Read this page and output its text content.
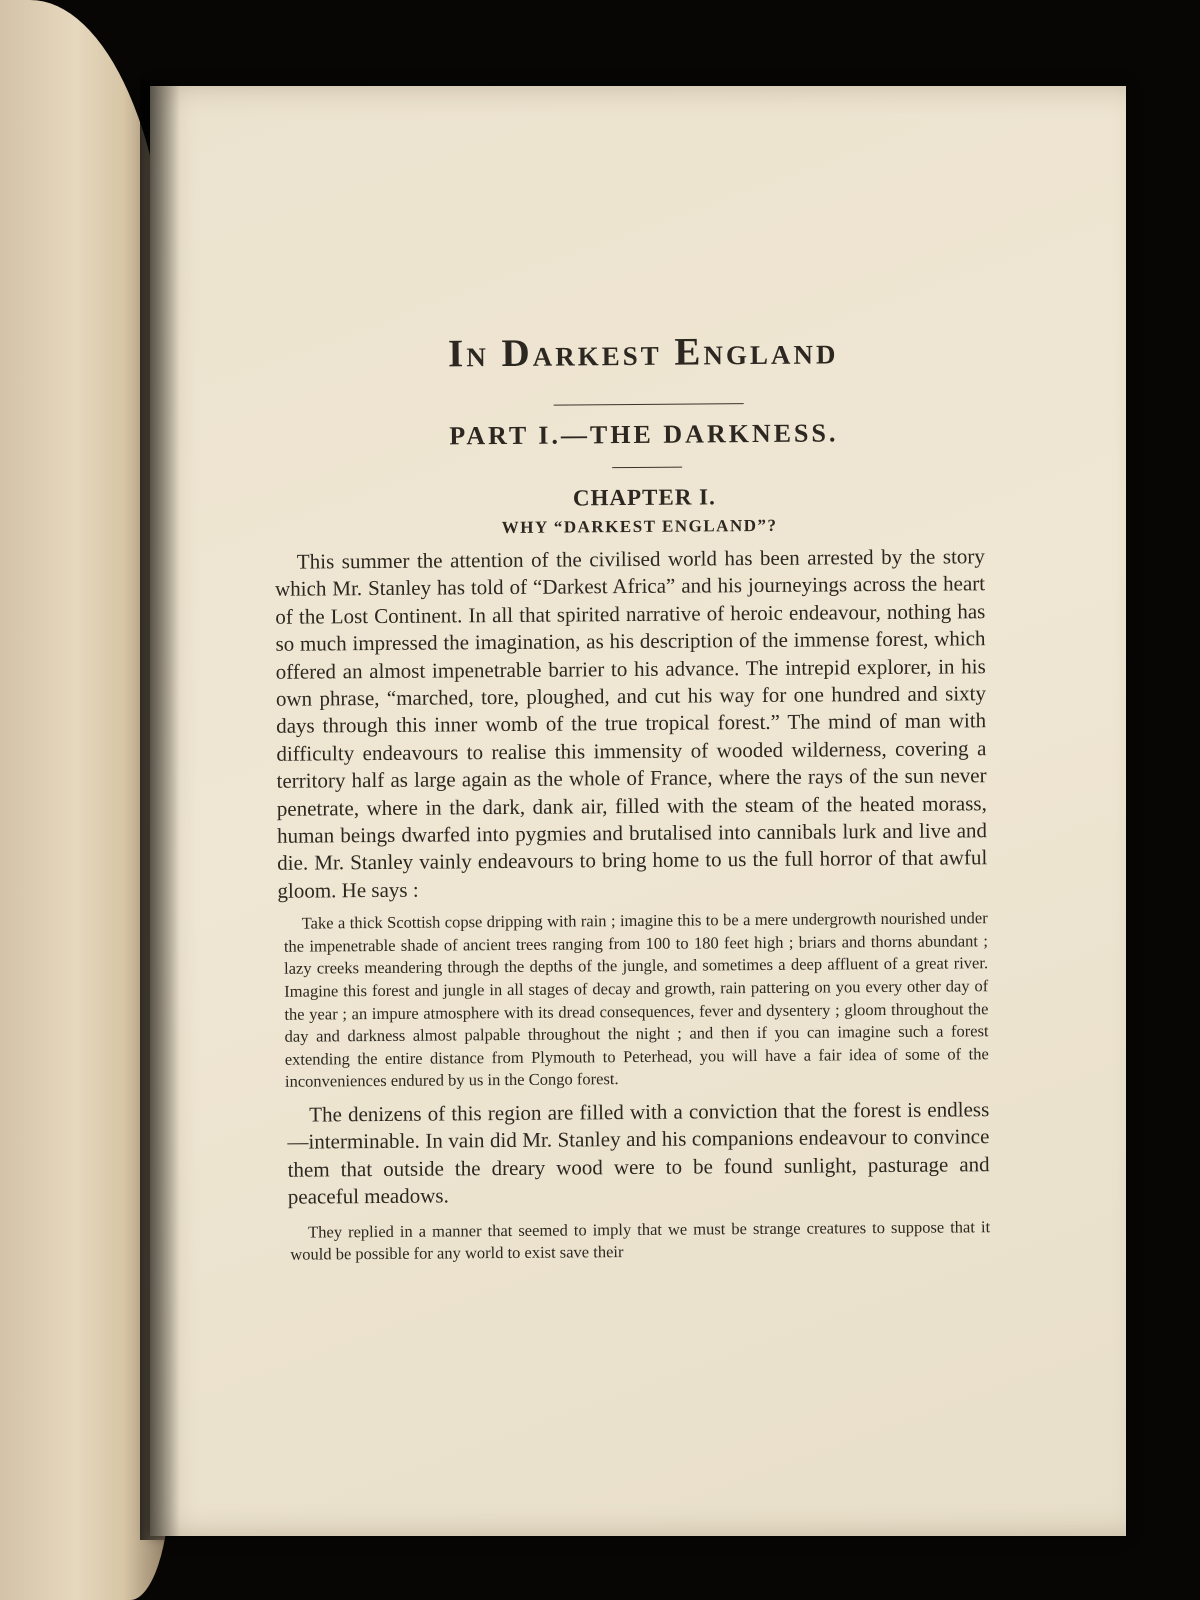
In Darkest England
PART I.—THE DARKNESS.
CHAPTER I.
WHY “DARKEST ENGLAND”?

This summer the attention of the civilised world has been arrested by the story which Mr. Stanley has told of “Darkest Africa” and his journeyings across the heart of the Lost Continent. In all that spirited narrative of heroic endeavour, nothing has so much impressed the imagination, as his description of the immense forest, which offered an almost impenetrable barrier to his advance. The intrepid explorer, in his own phrase, “marched, tore, ploughed, and cut his way for one hundred and sixty days through this inner womb of the true tropical forest.” The mind of man with difficulty endeavours to realise this immensity of wooded wilderness, covering a territory half as large again as the whole of France, where the rays of the sun never penetrate, where in the dark, dank air, filled with the steam of the heated morass, human beings dwarfed into pygmies and brutalised into cannibals lurk and live and die. Mr. Stanley vainly endeavours to bring home to us the full horror of that awful gloom. He says :

Take a thick Scottish copse dripping with rain ; imagine this to be a mere undergrowth nourished under the impenetrable shade of ancient trees ranging from 100 to 180 feet high ; briars and thorns abundant ; lazy creeks meandering through the depths of the jungle, and sometimes a deep affluent of a great river. Imagine this forest and jungle in all stages of decay and growth, rain pattering on you every other day of the year ; an impure atmosphere with its dread consequences, fever and dysentery ; gloom throughout the day and darkness almost palpable throughout the night ; and then if you can imagine such a forest extending the entire distance from Plymouth to Peterhead, you will have a fair idea of some of the inconveniences endured by us in the Congo forest.

The denizens of this region are filled with a conviction that the forest is endless—interminable. In vain did Mr. Stanley and his companions endeavour to convince them that outside the dreary wood were to be found sunlight, pasturage and peaceful meadows.

They replied in a manner that seemed to imply that we must be strange creatures to suppose that it would be possible for any world to exist save their
